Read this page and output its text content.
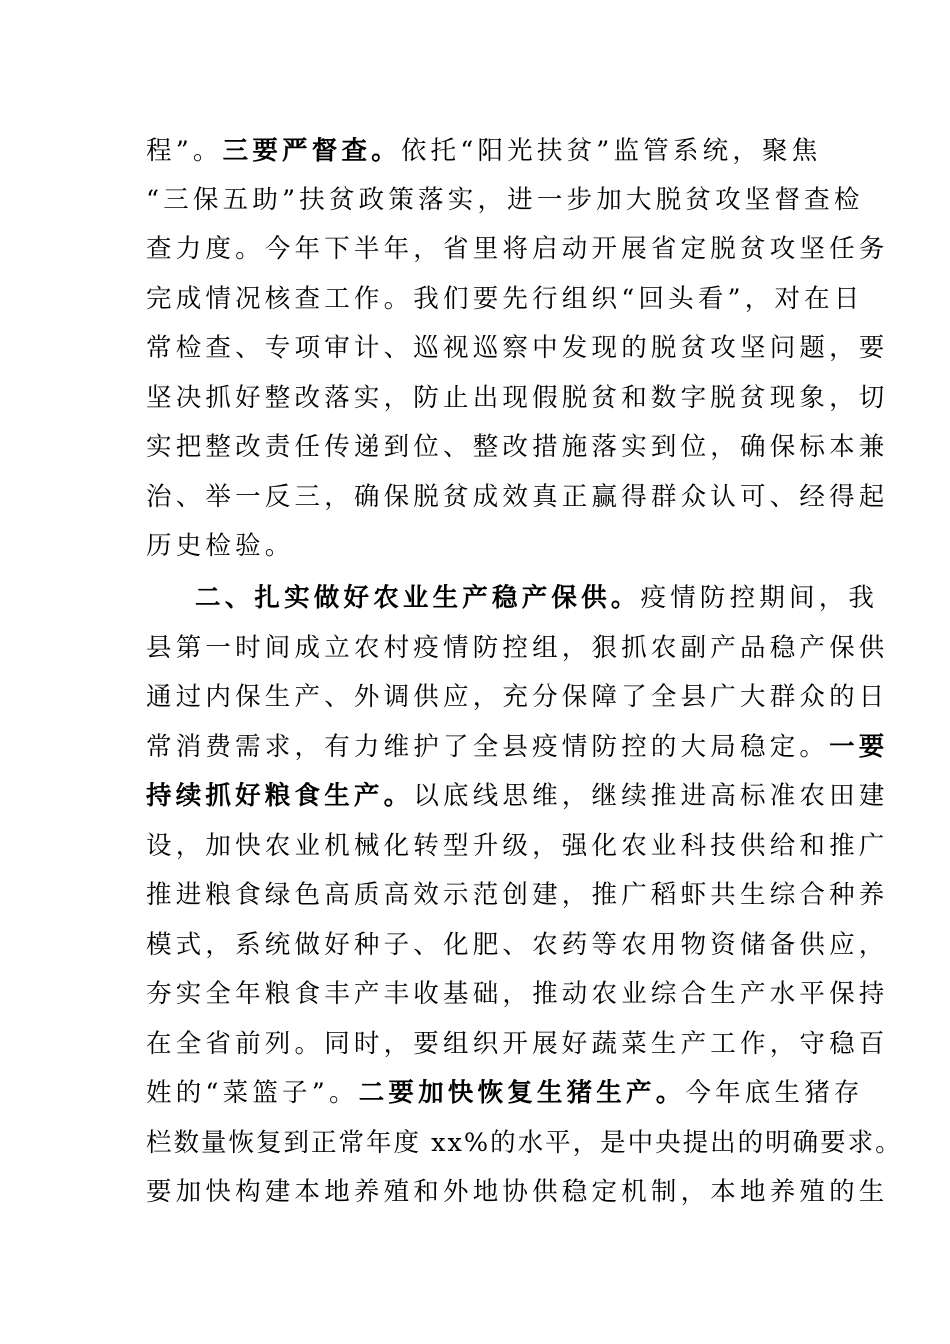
程”。三要严督查。依托“阳光扶贫”监管系统，聚焦
“三保五助”扶贫政策落实，进一步加大脱贫攻坚督查检
查力度。今年下半年，省里将启动开展省定脱贫攻坚任务
完成情况核查工作。我们要先行组织“回头看”，对在日
常检查、专项审计、巡视巡察中发现的脱贫攻坚问题，要
坚决抓好整改落实，防止出现假脱贫和数字脱贫现象，切
实把整改责任传递到位、整改措施落实到位，确保标本兼
治、举一反三，确保脱贫成效真正赢得群众认可、经得起
历史检验。
二、扎实做好农业生产稳产保供。疫情防控期间，我
县第一时间成立农村疫情防控组，狠抓农副产品稳产保供
通过内保生产、外调供应，充分保障了全县广大群众的日
常消费需求，有力维护了全县疫情防控的大局稳定。一要
持续抓好粮食生产。以底线思维，继续推进高标准农田建
设，加快农业机械化转型升级，强化农业科技供给和推广
推进粮食绿色高质高效示范创建，推广稻虾共生综合种养
模式，系统做好种子、化肥、农药等农用物资储备供应，
夯实全年粮食丰产丰收基础，推动农业综合生产水平保持
在全省前列。同时，要组织开展好蔬菜生产工作，守稳百
姓的“菜篮子”。二要加快恢复生猪生产。今年底生猪存
栏数量恢复到正常年度 xx%的水平，是中央提出的明确要求。
要加快构建本地养殖和外地协供稳定机制，本地养殖的生
